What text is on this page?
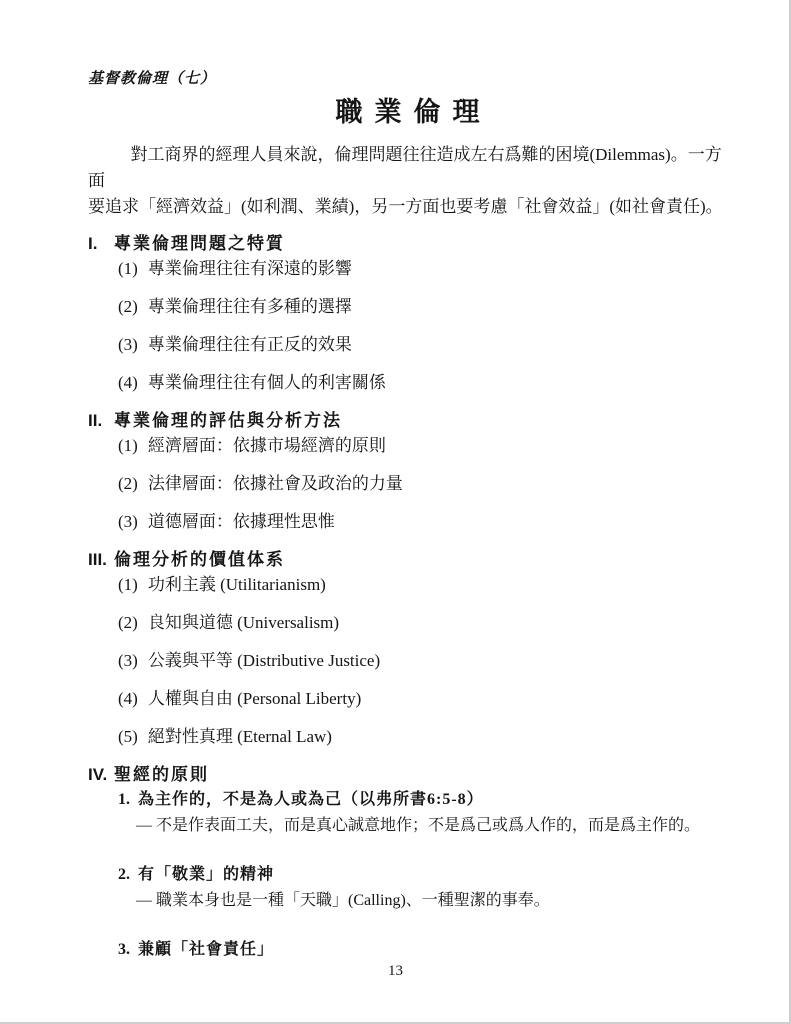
基督教倫理（七）
職業倫理

對工商界的經理人員來說，倫理問題往往造成左右爲難的困境(Dilemmas)。一方面
要追求「經濟效益」(如利潤、業績)，另一方面也要考慮「社會效益」(如社會責任)。

I. 專業倫理問題之特質
(1) 專業倫理往往有深遠的影響
(2) 專業倫理往往有多種的選擇
(3) 專業倫理往往有正反的效果
(4) 專業倫理往往有個人的利害關係
II. 專業倫理的評估與分析方法
(1) 經濟層面：依據市場經濟的原則
(2) 法律層面：依據社會及政治的力量
(3) 道德層面：依據理性思惟
III. 倫理分析的價值体系
(1) 功利主義 (Utilitarianism)
(2) 良知與道德 (Universalism)
(3) 公義與平等 (Distributive Justice)
(4) 人權與自由 (Personal Liberty)
(5) 絕對性真理 (Eternal Law)
IV. 聖經的原則
1. 為主作的，不是為人或為己（以弗所書6:5-8）
— 不是作表面工夫，而是真心誠意地作；不是爲己或爲人作的，而是爲主作的。
2. 有「敬業」的精神
— 職業本身也是一種「天職」(Calling)、一種聖潔的事奉。
3. 兼顧「社會責任」
13
